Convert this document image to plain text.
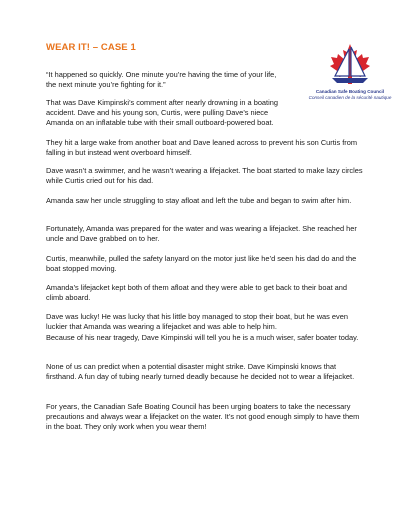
WEAR IT! – CASE 1
Canadian Safe Boating Council
Conseil canadien de la sécurité nautique

“It happened so quickly. One minute you’re having the time of your life, the next minute you’re fighting for it.”

That was Dave Kimpinski’s comment after nearly drowning in a boating accident. Dave and his young son, Curtis, were pulling Dave’s niece Amanda on an inflatable tube with their small outboard-powered boat.

They hit a large wake from another boat and Dave leaned across to prevent his son Curtis from falling in but instead went overboard himself.

Dave wasn’t a swimmer, and he wasn’t wearing a lifejacket. The boat started to make lazy circles while Curtis cried out for his dad.

Amanda saw her uncle struggling to stay afloat and left the tube and began to swim after him.

Fortunately, Amanda was prepared for the water and was wearing a lifejacket. She reached her uncle and Dave grabbed on to her.

Curtis, meanwhile, pulled the safety lanyard on the motor just like he’d seen his dad do and the boat stopped moving.

Amanda’s lifejacket kept both of them afloat and they were able to get back to their boat and climb aboard.

Dave was lucky! He was lucky that his little boy managed to stop their boat, but he was even luckier that Amanda was wearing a lifejacket and was able to help him.

Because of his near tragedy, Dave Kimpinski will tell you he is a much wiser, safer boater today.

None of us can predict when a potential disaster might strike. Dave Kimpinski knows that firsthand. A fun day of tubing nearly turned deadly because he decided not to wear a lifejacket.

For years, the Canadian Safe Boating Council has been urging boaters to take the necessary precautions and always wear a lifejacket on the water. It’s not good enough simply to have them in the boat. They only work when you wear them!
